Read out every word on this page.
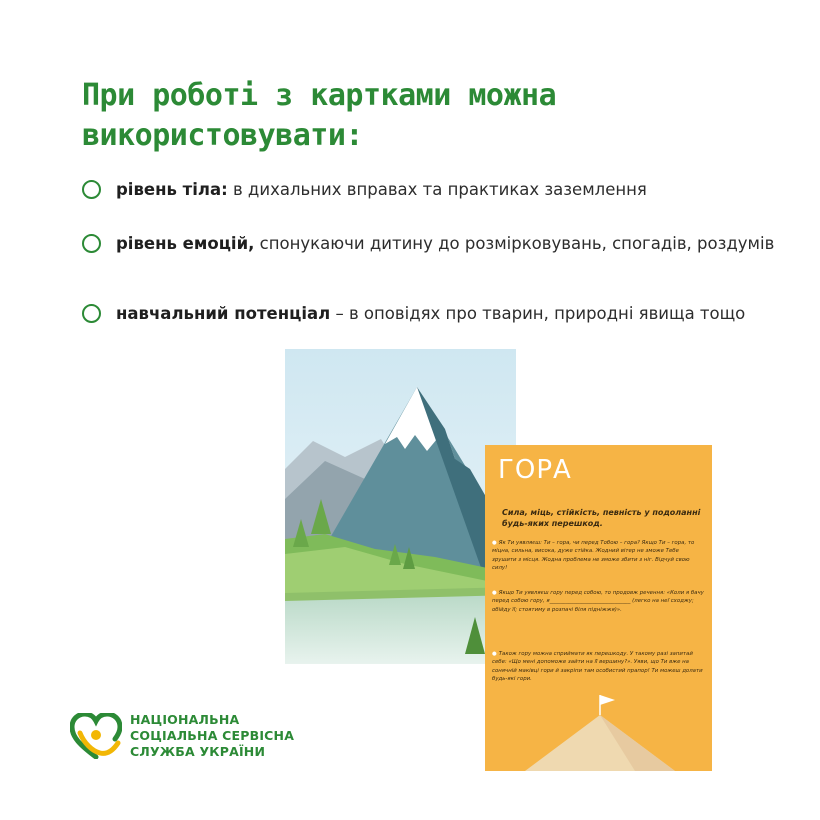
При роботі з картками можна використовувати:
рівень тіла: в дихальних вправах та практиках заземлення
рівень емоцій, спонукаючи дитину до розмірковувань, спогадів, роздумів
навчальний потенціал – в оповідях про тварин, природні явища тощо
ГОРА

Сила, міць, стійкість, певність у подоланні будь-яких перешкод.

● Як Ти уявляєш: Ти – гора, чи перед Тобою – гора? Якщо Ти – гора, то міцна, сильна, висока, дуже стійка. Жодний вітер не зможе Тебе зрушити з місця. Жодна проблема не зможе збити з ніг. Відчуй свою силу!

● Якщо Ти уявляєш гору перед собою, то продовж речення: «Коли я бачу перед собою гору, я______________________________ (легко на неї сходжу; обійду її; стоятиму в розпачі біля підніжжя)».

● Також гору можна сприймати як перешкоду. У такому разі запитай себе: «Що мені допоможе зайти на її вершину?». Уяви, що Ти вже на сонячній маківці гори й закріпи там особистий прапор! Ти можеш долати будь-які гори.

НАЦІОНАЛЬНА
СОЦІАЛЬНА СЕРВІСНА
СЛУЖБА УКРАЇНИ
